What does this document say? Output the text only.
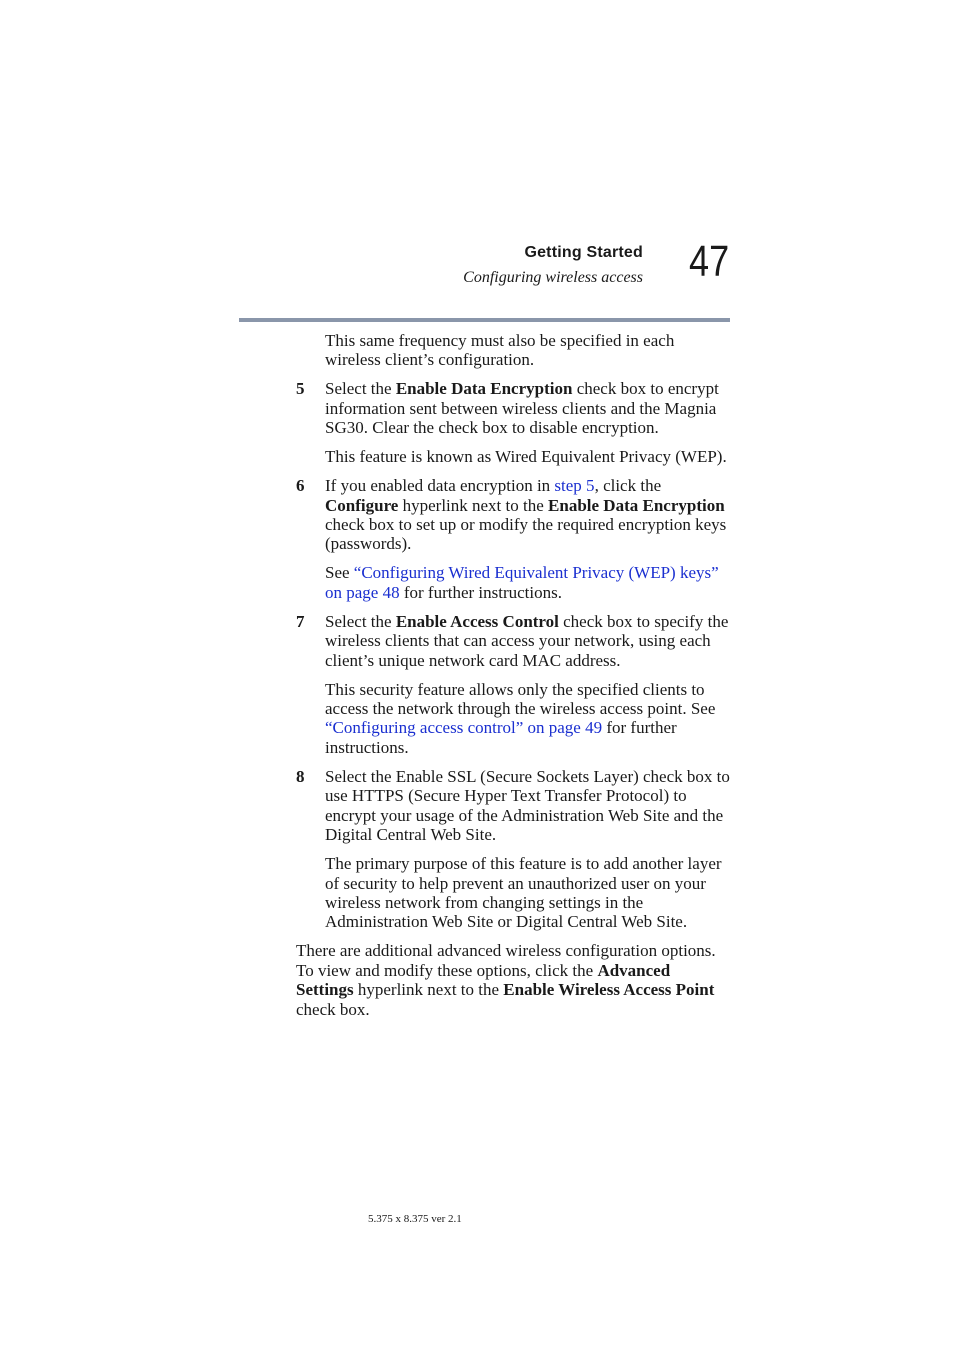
Getting Started
Configuring wireless access 47

This same frequency must also be specified in each wireless client’s configuration.

5	Select the Enable Data Encryption check box to encrypt information sent between wireless clients and the Magnia SG30. Clear the check box to disable encryption.

This feature is known as Wired Equivalent Privacy (WEP).

6	If you enabled data encryption in step 5, click the Configure hyperlink next to the Enable Data Encryption check box to set up or modify the required encryption keys (passwords).

See “Configuring Wired Equivalent Privacy (WEP) keys” on page 48 for further instructions.

7	Select the Enable Access Control check box to specify the wireless clients that can access your network, using each client’s unique network card MAC address.

This security feature allows only the specified clients to access the network through the wireless access point. See “Configuring access control” on page 49 for further instructions.

8	Select the Enable SSL (Secure Sockets Layer) check box to use HTTPS (Secure Hyper Text Transfer Protocol) to encrypt your usage of the Administration Web Site and the Digital Central Web Site.

The primary purpose of this feature is to add another layer of security to help prevent an unauthorized user on your wireless network from changing settings in the Administration Web Site or Digital Central Web Site.

There are additional advanced wireless configuration options. To view and modify these options, click the Advanced Settings hyperlink next to the Enable Wireless Access Point check box.

5.375 x 8.375 ver 2.1
